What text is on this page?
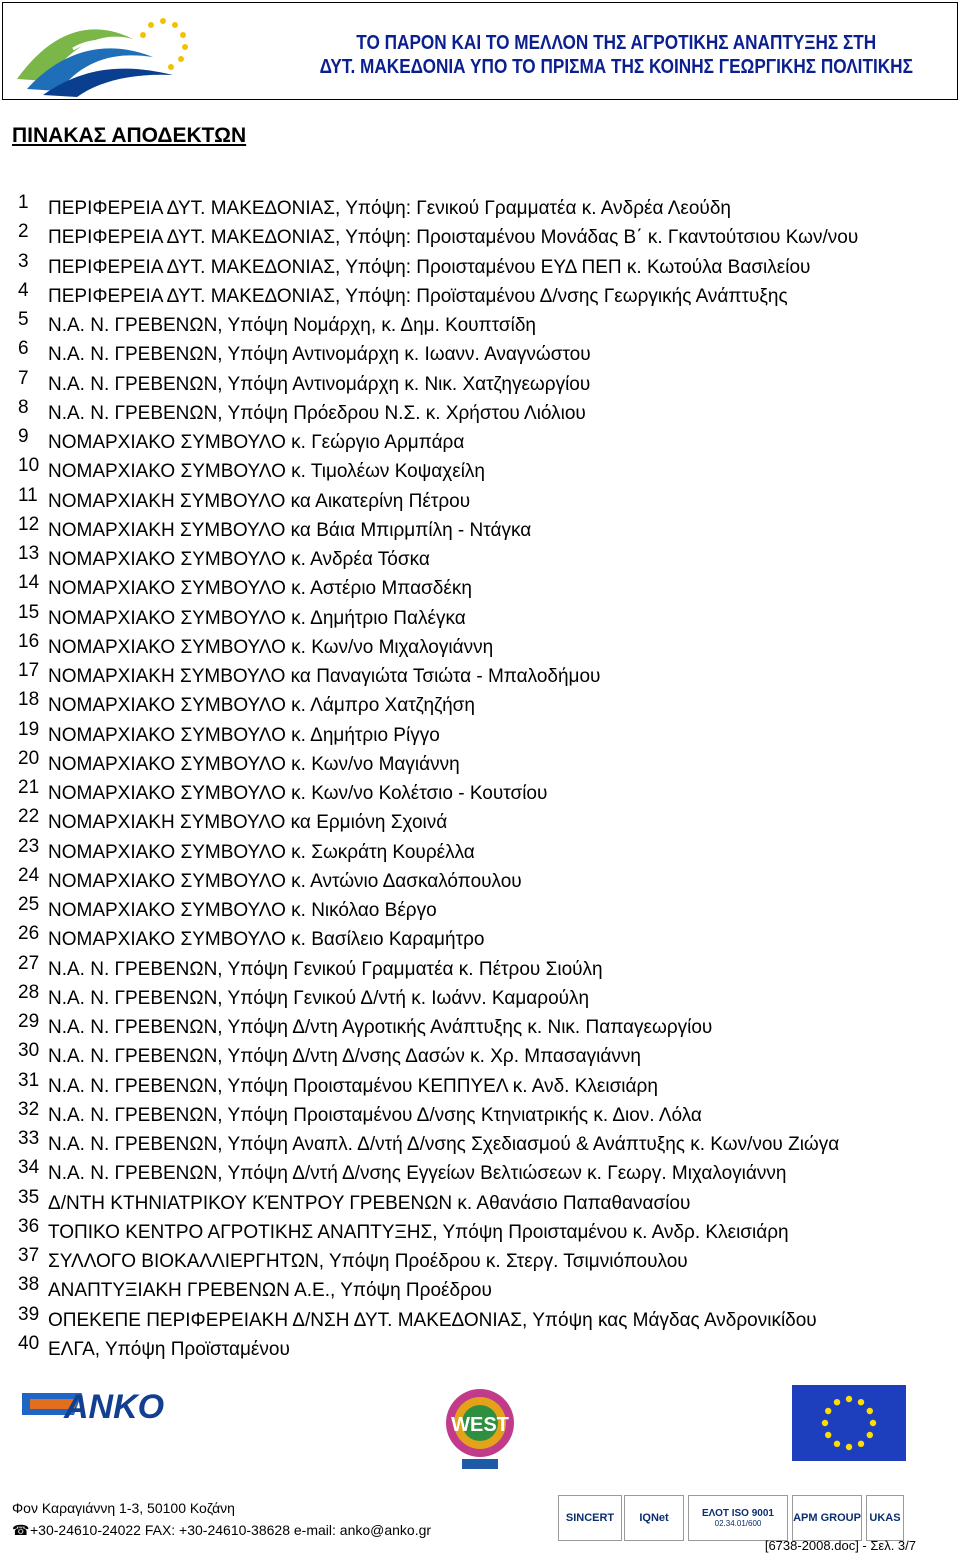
ΤΟ ΠΑΡΟΝ ΚΑΙ ΤΟ ΜΕΛΛΟΝ ΤΗΣ ΑΓΡΟΤΙΚΗΣ ΑΝΑΠΤΥΞΗΣ ΣΤΗ
ΔΥΤ. ΜΑΚΕΔΟΝΙΑ ΥΠΟ ΤΟ ΠΡΙΣΜΑ ΤΗΣ ΚΟΙΝΗΣ ΓΕΩΡΓΙΚΗΣ ΠΟΛΙΤΙΚΗΣ
ΠΙΝΑΚΑΣ ΑΠΟΔΕΚΤΩΝ
1	ΠΕΡΙΦΕΡΕΙΑ ΔΥΤ. ΜΑΚΕΔΟΝΙΑΣ, Υπόψη: Γενικού Γραμματέα κ. Ανδρέα Λεούδη
2	ΠΕΡΙΦΕΡΕΙΑ ΔΥΤ. ΜΑΚΕΔΟΝΙΑΣ, Υπόψη: Προισταμένου Μονάδας Β΄ κ. Γκαντούτσιου Κων/νου
3	ΠΕΡΙΦΕΡΕΙΑ ΔΥΤ. ΜΑΚΕΔΟΝΙΑΣ, Υπόψη: Προισταμένου ΕΥΔ ΠΕΠ κ. Κωτούλα Βασιλείου
4	ΠΕΡΙΦΕΡΕΙΑ ΔΥΤ. ΜΑΚΕΔΟΝΙΑΣ, Υπόψη: Προϊσταμένου Δ/νσης Γεωργικής Ανάπτυξης
5	Ν.Α. Ν. ΓΡΕΒΕΝΩΝ, Υπόψη Νομάρχη, κ. Δημ. Κουπτσίδη
6	Ν.Α. Ν. ΓΡΕΒΕΝΩΝ, Υπόψη Αντινομάρχη κ. Ιωανν. Αναγνώστου
7	Ν.Α. Ν. ΓΡΕΒΕΝΩΝ, Υπόψη Αντινομάρχη κ. Νικ. Χατζηγεωργίου
8	Ν.Α. Ν. ΓΡΕΒΕΝΩΝ, Υπόψη Πρόεδρου Ν.Σ. κ. Χρήστου Λιόλιου
9	ΝΟΜΑΡΧΙΑΚΟ ΣΥΜΒΟΥΛΟ κ. Γεώργιο Αρμπάρα
10 ΝΟΜΑΡΧΙΑΚΟ ΣΥΜΒΟΥΛΟ κ. Τιμολέων Κοψαχείλη
11 ΝΟΜΑΡΧΙΑΚΗ ΣΥΜΒΟΥΛΟ κα Αικατερίνη Πέτρου
12 ΝΟΜΑΡΧΙΑΚΗ ΣΥΜΒΟΥΛΟ κα Βάια Μπιρμπίλη - Ντάγκα
13 ΝΟΜΑΡΧΙΑΚΟ ΣΥΜΒΟΥΛΟ κ. Ανδρέα Τόσκα
14 ΝΟΜΑΡΧΙΑΚΟ ΣΥΜΒΟΥΛΟ κ. Αστέριο Μπασδέκη
15 ΝΟΜΑΡΧΙΑΚΟ ΣΥΜΒΟΥΛΟ κ. Δημήτριο Παλέγκα
16 ΝΟΜΑΡΧΙΑΚΟ ΣΥΜΒΟΥΛΟ κ. Κων/νο Μιχαλογιάννη
17 ΝΟΜΑΡΧΙΑΚΗ ΣΥΜΒΟΥΛΟ κα Παναγιώτα Τσιώτα - Μπαλοδήμου
18 ΝΟΜΑΡΧΙΑΚΟ ΣΥΜΒΟΥΛΟ κ. Λάμπρο Χατζηζήση
19 ΝΟΜΑΡΧΙΑΚΟ ΣΥΜΒΟΥΛΟ κ. Δημήτριο Ρίγγο
20 ΝΟΜΑΡΧΙΑΚΟ ΣΥΜΒΟΥΛΟ κ. Κων/νο Μαγιάννη
21 ΝΟΜΑΡΧΙΑΚΟ ΣΥΜΒΟΥΛΟ κ. Κων/νο Κολέτσιο - Κουτσίου
22 ΝΟΜΑΡΧΙΑΚΗ ΣΥΜΒΟΥΛΟ κα Ερμιόνη Σχοινά
23 ΝΟΜΑΡΧΙΑΚΟ ΣΥΜΒΟΥΛΟ κ. Σωκράτη Κουρέλλα
24 ΝΟΜΑΡΧΙΑΚΟ ΣΥΜΒΟΥΛΟ κ. Αντώνιο Δασκαλόπουλου
25 ΝΟΜΑΡΧΙΑΚΟ ΣΥΜΒΟΥΛΟ κ. Νικόλαο Βέργο
26 ΝΟΜΑΡΧΙΑΚΟ ΣΥΜΒΟΥΛΟ κ. Βασίλειο Καραμήτρο
27 Ν.Α. Ν. ΓΡΕΒΕΝΩΝ, Υπόψη Γενικού Γραμματέα κ. Πέτρου Σιούλη
28 Ν.Α. Ν. ΓΡΕΒΕΝΩΝ, Υπόψη Γενικού Δ/ντή κ. Ιωάνν. Καμαρούλη
29 Ν.Α. Ν. ΓΡΕΒΕΝΩΝ, Υπόψη Δ/ντη Αγροτικής Ανάπτυξης κ. Νικ. Παπαγεωργίου
30 Ν.Α. Ν. ΓΡΕΒΕΝΩΝ, Υπόψη Δ/ντη Δ/νσης Δασών κ. Χρ. Μπασαγιάννη
31 Ν.Α. Ν. ΓΡΕΒΕΝΩΝ, Υπόψη Προισταμένου ΚΕΠΠΥΕΛ κ. Ανδ. Κλεισιάρη
32 Ν.Α. Ν. ΓΡΕΒΕΝΩΝ, Υπόψη Προισταμένου Δ/νσης Κτηνιατρικής κ. Διον. Λόλα
33 Ν.Α. Ν. ΓΡΕΒΕΝΩΝ, Υπόψη Αναπλ. Δ/ντή Δ/νσης Σχεδιασμού & Ανάπτυξης κ. Κων/νου Ζιώγα
34 Ν.Α. Ν. ΓΡΕΒΕΝΩΝ, Υπόψη Δ/ντή Δ/νσης Εγγείων Βελτιώσεων κ. Γεωργ. Μιχαλογιάννη
35 Δ/ΝΤΗ ΚΤΗΝΙΑΤΡΙΚΟΥ ΚΈΝΤΡΟΥ ΓΡΕΒΕΝΩΝ κ. Αθανάσιο Παπαθανασίου
36 ΤΟΠΙΚΟ ΚΕΝΤΡΟ ΑΓΡΟΤΙΚΗΣ ΑΝΑΠΤΥΞΗΣ, Υπόψη Προισταμένου κ. Ανδρ. Κλεισιάρη
37 ΣΥΛΛΟΓΟ ΒΙΟΚΑΛΛΙΕΡΓΗΤΩΝ, Υπόψη Προέδρου κ. Στεργ. Τσιμνιόπουλου
38 ΑΝΑΠΤΥΞΙΑΚΗ ΓΡΕΒΕΝΩΝ Α.Ε., Υπόψη Προέδρου
39 ΟΠΕΚΕΠΕ ΠΕΡΙΦΕΡΕΙΑΚΗ Δ/ΝΣΗ ΔΥΤ. ΜΑΚΕΔΟΝΙΑΣ, Υπόψη κας Μάγδας Ανδρονικίδου
40 ΕΛΓΑ, Υπόψη Προϊσταμένου
ANKO	WEST
Φον Καραγιάννη 1-3, 50100 Κοζάνη
☎+30-24610-24022 FAX: +30-24610-38628 e-mail: anko@anko.gr
SINCERT IQNet	ΕΛΟΤ ISO 9001
02.34.01/600	APM GROUP UKAS
[6738-2008.doc] - Σελ. 3/7
